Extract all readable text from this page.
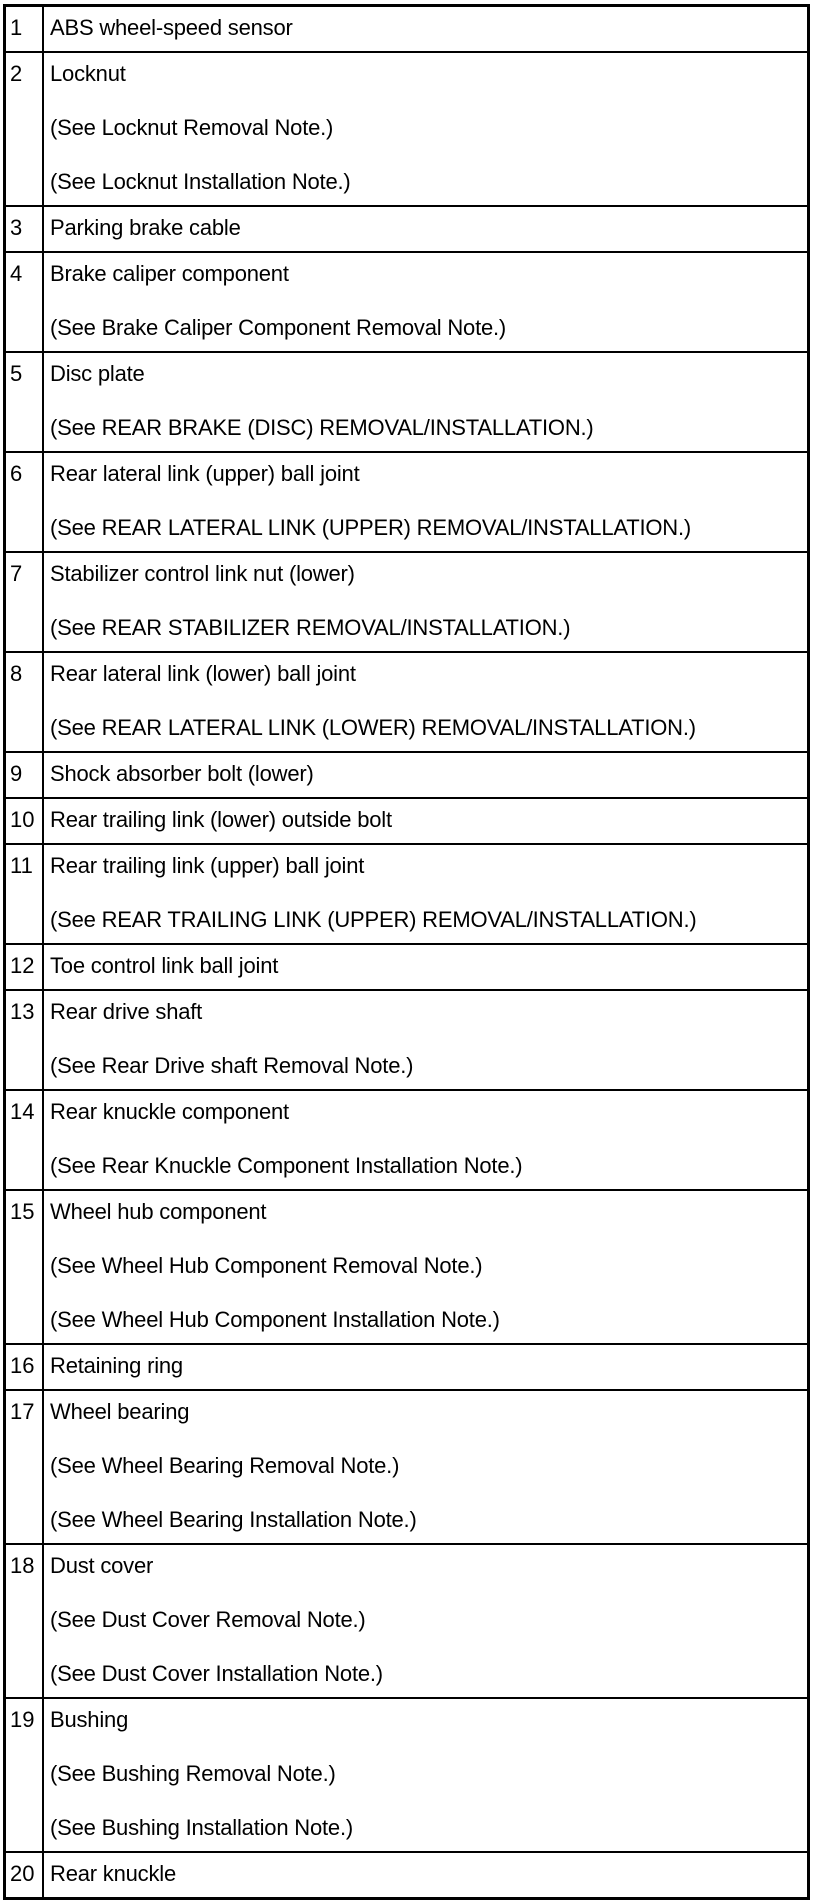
1	ABS wheel-speed sensor
2	Locknut
(See Locknut Removal Note.)
(See Locknut Installation Note.)
3	Parking brake cable
4	Brake caliper component
(See Brake Caliper Component Removal Note.)
5	Disc plate
(See REAR BRAKE (DISC) REMOVAL/INSTALLATION.)
6	Rear lateral link (upper) ball joint
(See REAR LATERAL LINK (UPPER) REMOVAL/INSTALLATION.)
7	Stabilizer control link nut (lower)
(See REAR STABILIZER REMOVAL/INSTALLATION.)
8	Rear lateral link (lower) ball joint
(See REAR LATERAL LINK (LOWER) REMOVAL/INSTALLATION.)
9	Shock absorber bolt (lower)
10 Rear trailing link (lower) outside bolt
11 Rear trailing link (upper) ball joint
(See REAR TRAILING LINK (UPPER) REMOVAL/INSTALLATION.)
12 Toe control link ball joint
13 Rear drive shaft
(See Rear Drive shaft Removal Note.)
14 Rear knuckle component
(See Rear Knuckle Component Installation Note.)
15 Wheel hub component
(See Wheel Hub Component Removal Note.)
(See Wheel Hub Component Installation Note.)
16 Retaining ring
17 Wheel bearing
(See Wheel Bearing Removal Note.)
(See Wheel Bearing Installation Note.)
18 Dust cover
(See Dust Cover Removal Note.)
(See Dust Cover Installation Note.)
19 Bushing
(See Bushing Removal Note.)
(See Bushing Installation Note.)
20 Rear knuckle
